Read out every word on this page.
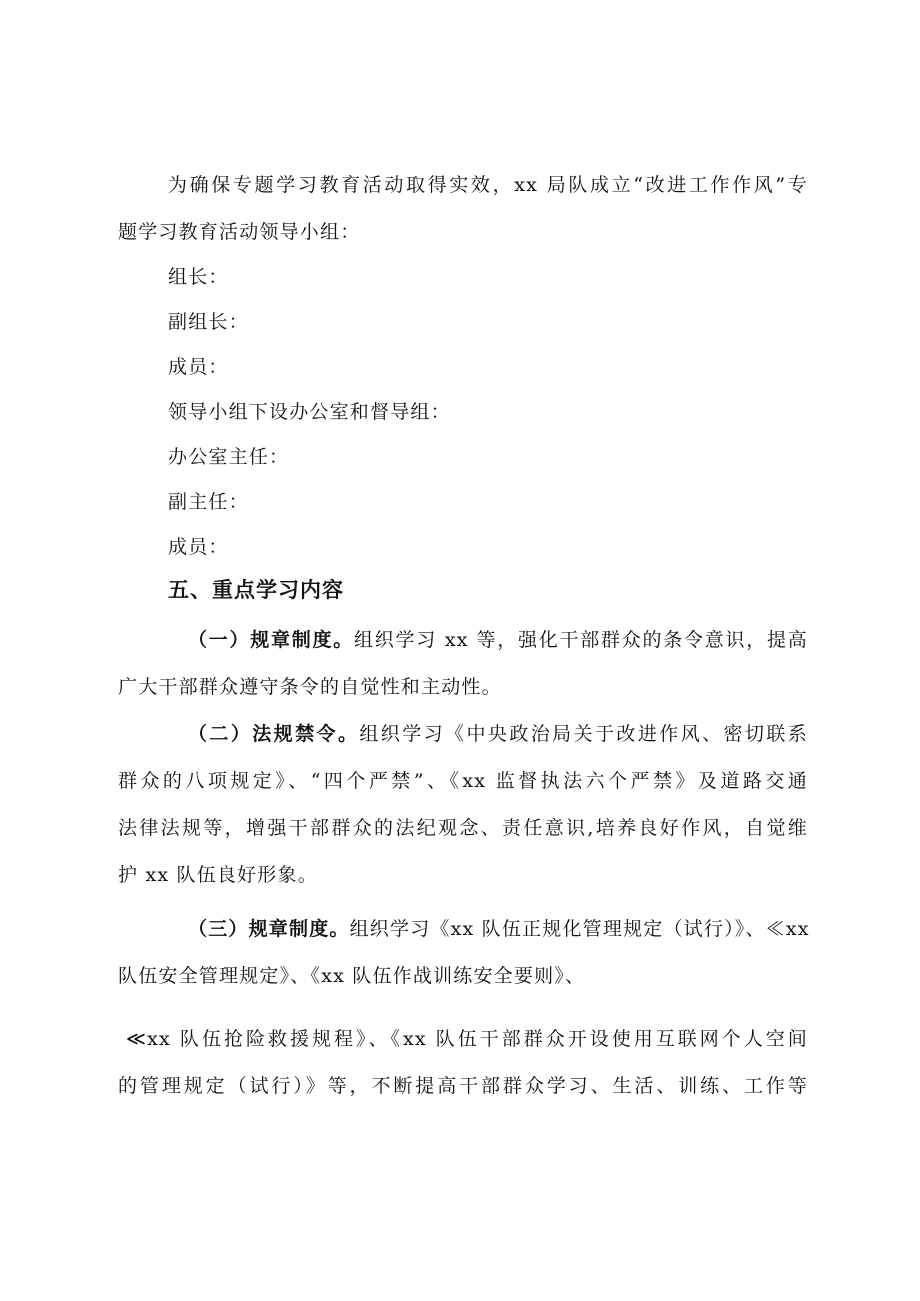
为确保专题学习教育活动取得实效，xx 局队成立“改进工作作风”专
题学习教育活动领导小组：
组长：
副组长：
成员：
领导小组下设办公室和督导组：
办公室主任：
副主任：
成员：
五、重点学习内容
（一）规章制度。组织学习 xx 等，强化干部群众的条令意识，提高
广大干部群众遵守条令的自觉性和主动性。
（二）法规禁令。组织学习《中央政治局关于改进作风、密切联系
群众的八项规定》、“四个严禁”、《xx 监督执法六个严禁》及道路交通
法律法规等，增强干部群众的法纪观念、责任意识,培养良好作风，自觉维
护 xx 队伍良好形象。
（三）规章制度。组织学习《xx 队伍正规化管理规定（试行）》、≪xx
队伍安全管理规定》、《xx 队伍作战训练安全要则》、
≪xx 队伍抢险救援规程》、《xx 队伍干部群众开设使用互联网个人空间
的管理规定（试行）》等，不断提高干部群众学习、生活、训练、工作等
